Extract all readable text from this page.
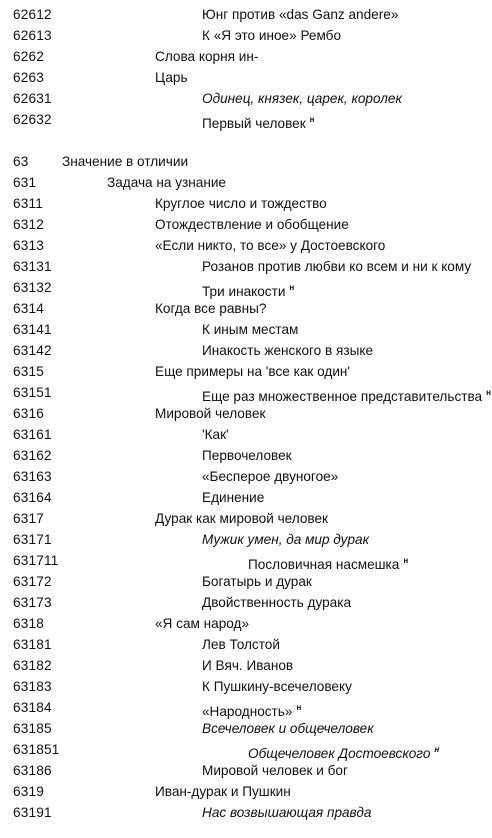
62612	Юнг против «das Ganz andere»
62613	К «Я это иное» Рембо
6262	Слова корня ин-
6263	Царь
62631	Одинец, князек, царек, королек
62632	Первый человек $^н$
63 Значение в отличии
631	Задача на узнание
6311	Круглое число и тождество
6312	Отождествление и обобщение
6313	«Если никто, то все» у Достоевского
63131	Розанов против любви ко всем и ни к кому
63132	Три инакости $^н$
6314	Когда все равны?
63141	К иным местам
63142	Инакость женского в языке
6315	Еще примеры на 'все как один'
63151	Еще раз множественное представительства $^н$
6316	Мировой человек
63161	'Как'
63162	Первочеловек
63163	«Бесперое двуногое»
63164	Единение
6317	Дурак как мировой человек
63171	Мужик умен, да мир дурак
631711	Пословичная насмешка $^н$
63172	Богатырь и дурак
63173	Двойственность дурака
6318	«Я сам народ»
63181	Лев Толстой
63182	И Вяч. Иванов
63183	К Пушкину-всечеловеку
63184	«Народность» $^н$
63185	Всечеловек и общечеловек
631851	Общечеловек Достоевского $^н$
63186	Мировой человек и бог
6319	Иван-дурак и Пушкин
63191	Нас возвышающая правда
